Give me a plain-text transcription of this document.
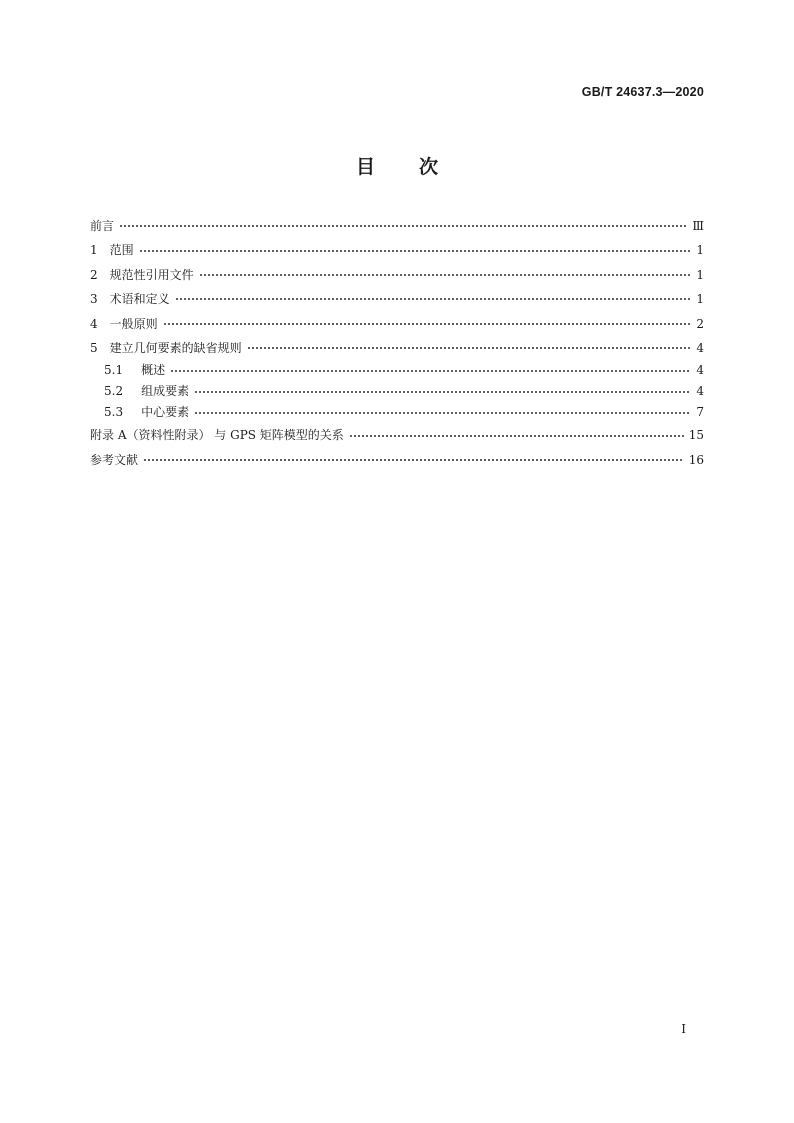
GB/T 24637.3—2020
目次
前言	Ⅲ
1 范围	1
2 规范性引用文件	1
3 术语和定义	1
4 一般原则	2
5 建立几何要素的缺省规则	4
5.1 概述	4
5.2 组成要素	4
5.3 中心要素	7
附录 A（资料性附录） 与 GPS 矩阵模型的关系	15
参考文献	16
I
